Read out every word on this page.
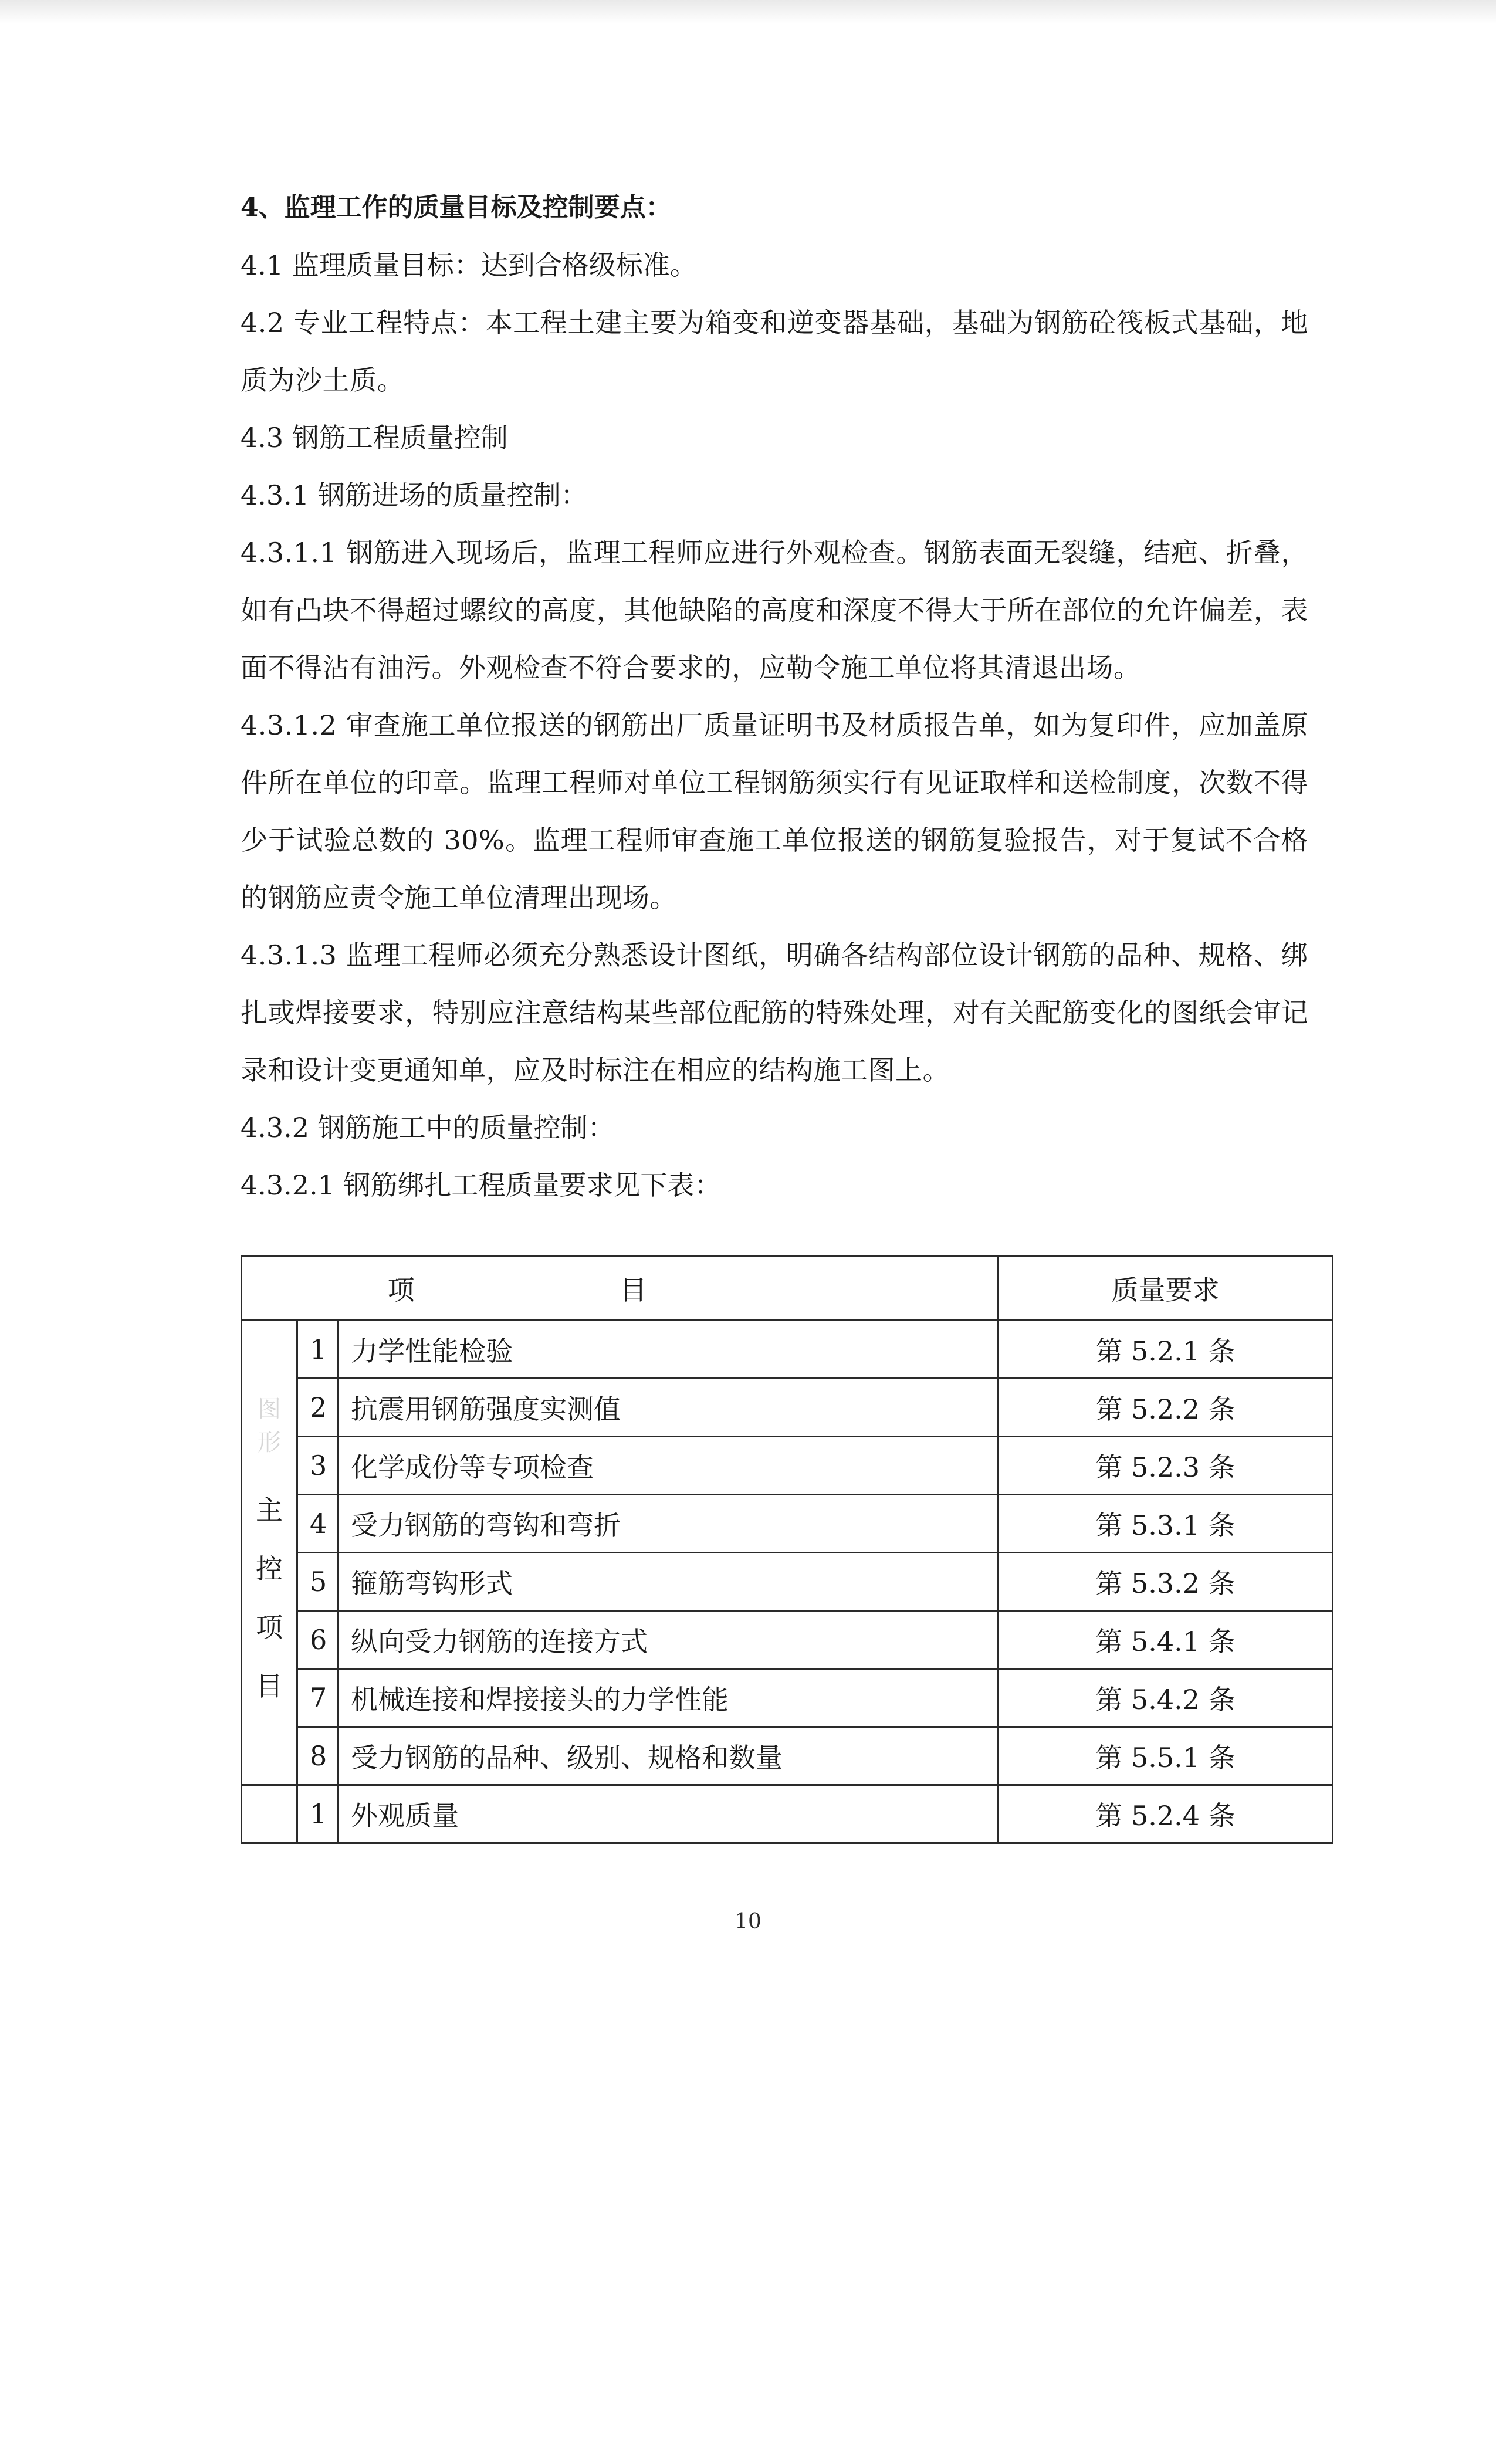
4、监理工作的质量目标及控制要点：
4.1 监理质量目标：达到合格级标准。
4.2 专业工程特点：本工程土建主要为箱变和逆变器基础，基础为钢筋砼筏板式基础，地质为沙土质。
4.3 钢筋工程质量控制
4.3.1 钢筋进场的质量控制：
4.3.1.1 钢筋进入现场后，监理工程师应进行外观检查。钢筋表面无裂缝，结疤、折叠，如有凸块不得超过螺纹的高度，其他缺陷的高度和深度不得大于所在部位的允许偏差，表面不得沾有油污。外观检查不符合要求的，应勒令施工单位将其清退出场。
4.3.1.2 审查施工单位报送的钢筋出厂质量证明书及材质报告单，如为复印件，应加盖原件所在单位的印章。监理工程师对单位工程钢筋须实行有见证取样和送检制度，次数不得少于试验总数的 30%。监理工程师审查施工单位报送的钢筋复验报告，对于复试不合格的钢筋应责令施工单位清理出现场。
4.3.1.3 监理工程师必须充分熟悉设计图纸，明确各结构部位设计钢筋的品种、规格、绑扎或焊接要求，特别应注意结构某些部位配筋的特殊处理，对有关配筋变化的图纸会审记录和设计变更通知单，应及时标注在相应的结构施工图上。
4.3.2 钢筋施工中的质量控制：
4.3.2.1 钢筋绑扎工程质量要求见下表：
项目			质量要求

图形
主
控
项
目	1	力学性能检验	第 5.2.1 条
	2	抗震用钢筋强度实测值	第 5.2.2 条
	3	化学成份等专项检查	第 5.2.3 条
	4	受力钢筋的弯钩和弯折	第 5.3.1 条
	5	箍筋弯钩形式	第 5.3.2 条
	6	纵向受力钢筋的连接方式	第 5.4.1 条
	7	机械连接和焊接接头的力学性能	第 5.4.2 条
	8	受力钢筋的品种、级别、规格和数量	第 5.5.1 条
	1	外观质量	第 5.2.4 条
10
